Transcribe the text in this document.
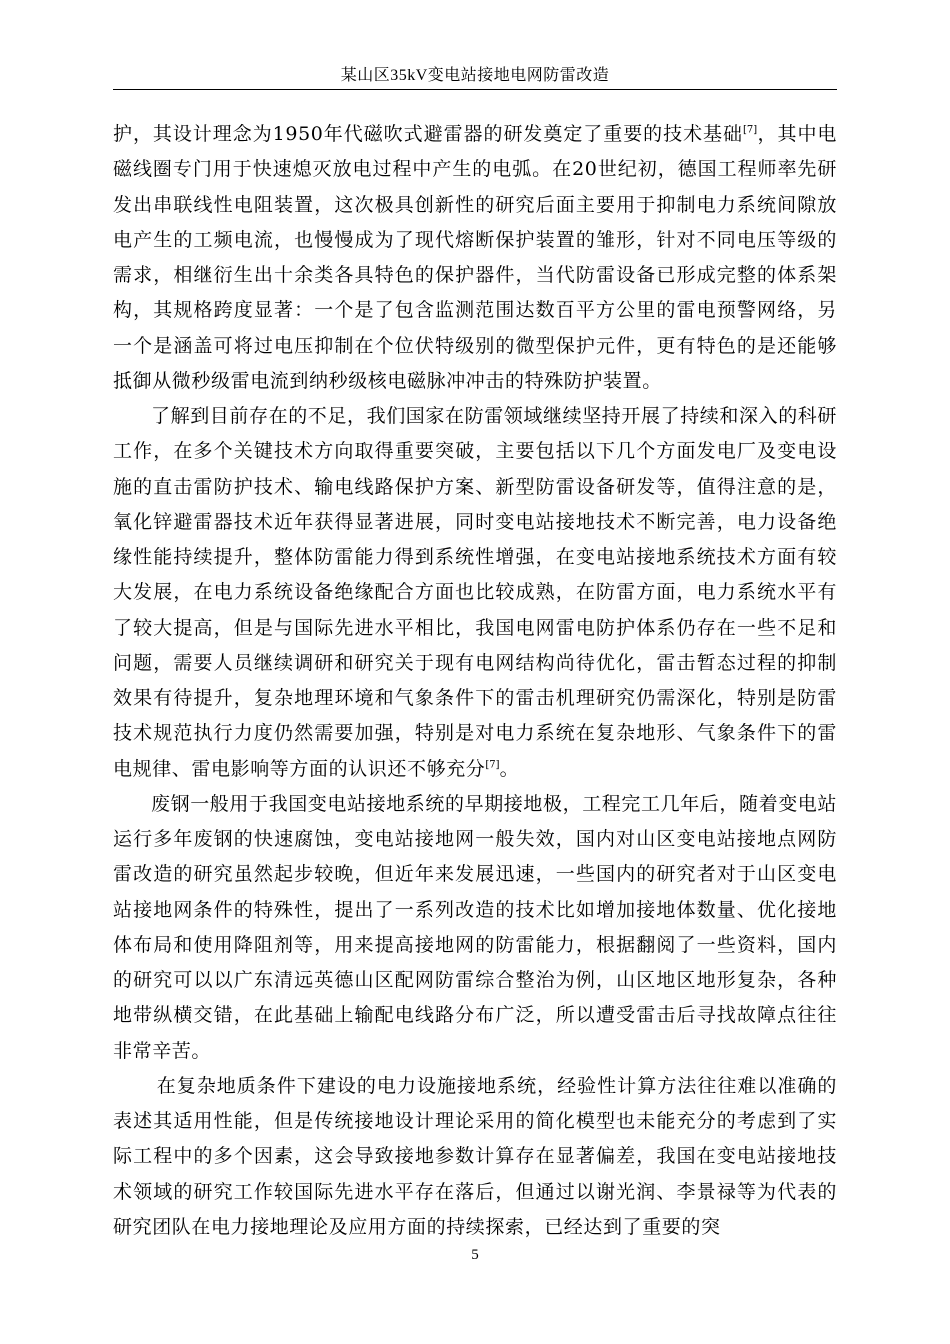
某山区35kV变电站接地电网防雷改造

护，其设计理念为1950年代磁吹式避雷器的研发奠定了重要的技术基础[7]，其中电磁线圈专门用于快速熄灭放电过程中产生的电弧。在20世纪初，德国工程师率先研发出串联线性电阻装置，这次极具创新性的研究后面主要用于抑制电力系统间隙放电产生的工频电流，也慢慢成为了现代熔断保护装置的雏形，针对不同电压等级的需求，相继衍生出十余类各具特色的保护器件，当代防雷设备已形成完整的体系架构，其规格跨度显著：一个是了包含监测范围达数百平方公里的雷电预警网络，另一个是涵盖可将过电压抑制在个位伏特级别的微型保护元件，更有特色的是还能够抵御从微秒级雷电流到纳秒级核电磁脉冲冲击的特殊防护装置。

了解到目前存在的不足，我们国家在防雷领域继续坚持开展了持续和深入的科研工作，在多个关键技术方向取得重要突破，主要包括以下几个方面发电厂及变电设施的直击雷防护技术、输电线路保护方案、新型防雷设备研发等，值得注意的是，氧化锌避雷器技术近年获得显著进展，同时变电站接地技术不断完善，电力设备绝缘性能持续提升，整体防雷能力得到系统性增强，在变电站接地系统技术方面有较大发展，在电力系统设备绝缘配合方面也比较成熟，在防雷方面，电力系统水平有了较大提高，但是与国际先进水平相比，我国电网雷电防护体系仍存在一些不足和问题，需要人员继续调研和研究关于现有电网结构尚待优化，雷击暂态过程的抑制效果有待提升，复杂地理环境和气象条件下的雷击机理研究仍需深化，特别是防雷技术规范执行力度仍然需要加强，特别是对电力系统在复杂地形、气象条件下的雷电规律、雷电影响等方面的认识还不够充分[7]。

废钢一般用于我国变电站接地系统的早期接地极，工程完工几年后，随着变电站运行多年废钢的快速腐蚀，变电站接地网一般失效，国内对山区变电站接地点网防雷改造的研究虽然起步较晚，但近年来发展迅速，一些国内的研究者对于山区变电站接地网条件的特殊性，提出了一系列改造的技术比如增加接地体数量、优化接地体布局和使用降阻剂等，用来提高接地网的防雷能力，根据翻阅了一些资料，国内的研究可以以广东清远英德山区配网防雷综合整治为例，山区地区地形复杂，各种地带纵横交错，在此基础上输配电线路分布广泛，所以遭受雷击后寻找故障点往往非常辛苦。

在复杂地质条件下建设的电力设施接地系统，经验性计算方法往往难以准确的表述其适用性能，但是传统接地设计理论采用的简化模型也未能充分的考虑到了实际工程中的多个因素，这会导致接地参数计算存在显著偏差，我国在变电站接地技术领域的研究工作较国际先进水平存在落后，但通过以谢光润、李景禄等为代表的研究团队在电力接地理论及应用方面的持续探索，已经达到了重要的突

5
